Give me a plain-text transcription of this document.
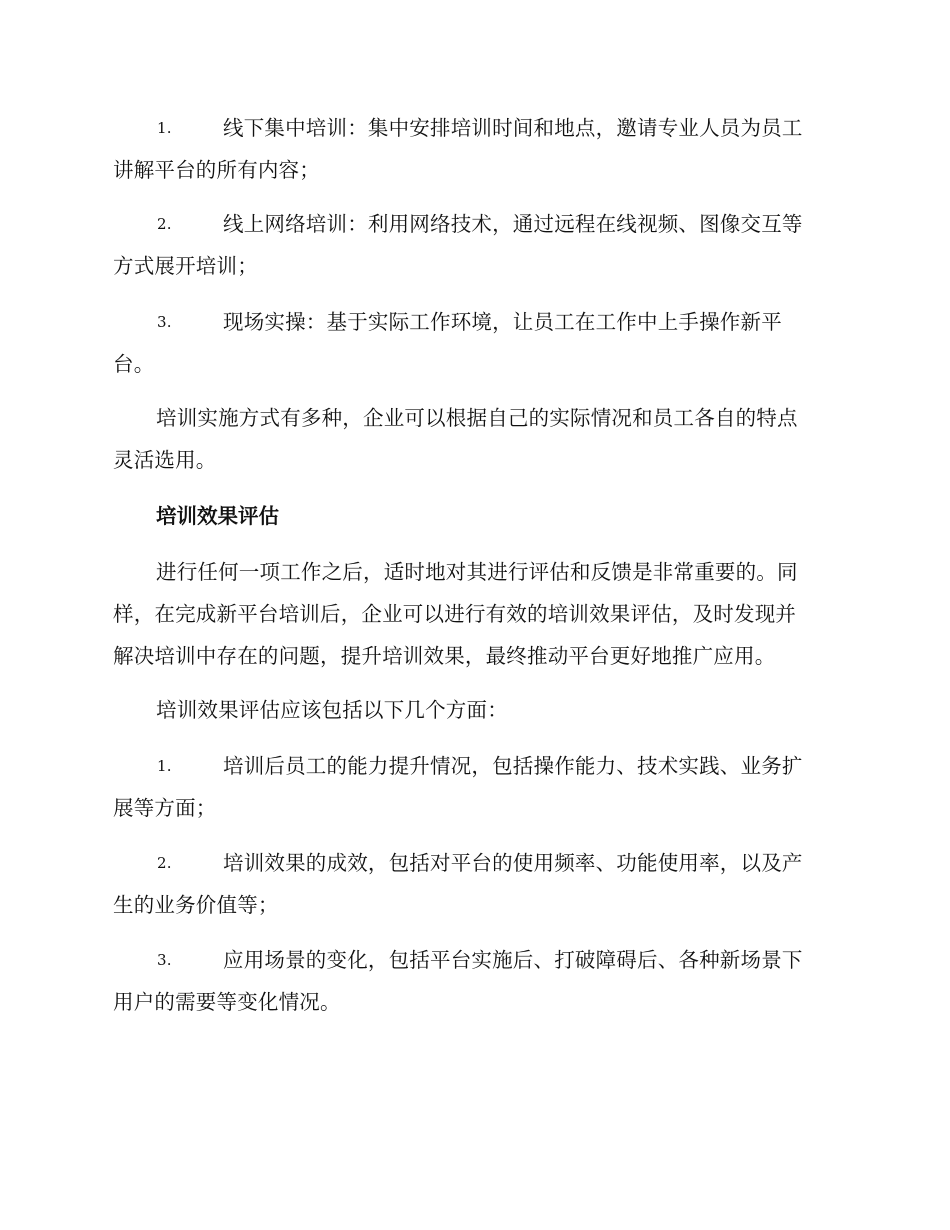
1.	线下集中培训：集中安排培训时间和地点，邀请专业人员为员工
讲解平台的所有内容；
2.	线上网络培训：利用网络技术，通过远程在线视频、图像交互等
方式展开培训；
3.	现场实操：基于实际工作环境，让员工在工作中上手操作新平
台。
培训实施方式有多种，企业可以根据自己的实际情况和员工各自的特点
灵活选用。
培训效果评估
进行任何一项工作之后，适时地对其进行评估和反馈是非常重要的。同
样，在完成新平台培训后，企业可以进行有效的培训效果评估，及时发现并
解决培训中存在的问题，提升培训效果，最终推动平台更好地推广应用。
培训效果评估应该包括以下几个方面：
1.	培训后员工的能力提升情况，包括操作能力、技术实践、业务扩
展等方面；
2.	培训效果的成效，包括对平台的使用频率、功能使用率，以及产
生的业务价值等；
3.	应用场景的变化，包括平台实施后、打破障碍后、各种新场景下
用户的需要等变化情况。
